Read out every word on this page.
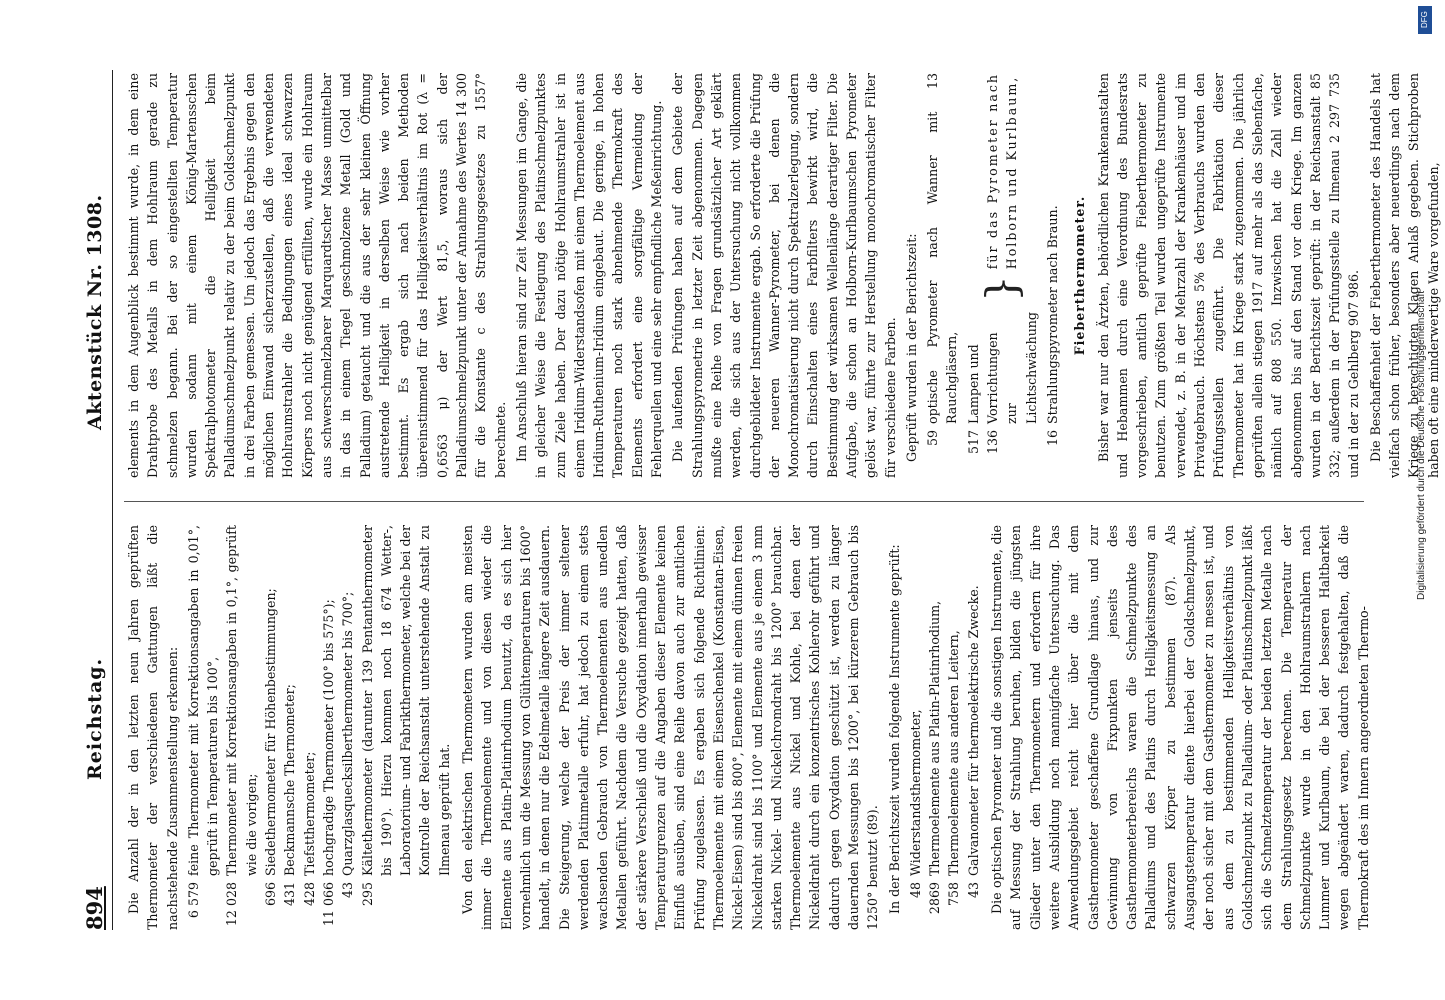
894
Reichstag.
Aktenstück Nr. 1308.

Die Anzahl der in den letzten neun Jahren geprüften Thermometer der verschiedenen Gattungen läßt die nachstehende Zusammenstellung erkennen: 6 579
feine Thermometer mit Korrektionsangaben in 0,01°, geprüft in Temperaturen bis 100°,
12 028
Thermometer mit Korrektionsangaben in 0,1°, geprüft wie die vorigen;
696
Siedethermometer für Höhenbestimmungen;
431
Beckmannsche Thermometer;
428
Tiefstthermometer;
11 066
hochgradige Thermometer (100° bis 575°);
43
Quarzglasquecksilberthermometer bis 700°;
295
Kältethermometer (darunter 139 Pentanthermometer bis 190°). Hierzu kommen noch 18 674 Wetter-, Laboratorium- und Fabrikthermometer, welche bei der Kontrolle der Reichsanstalt unterstehende Anstalt zu Ilmenau geprüft hat. Von den elektrischen Thermometern wurden am meisten immer die Thermoelemente und von diesen wieder die Elemente aus Platin-Platinrhodium benutzt, da es sich hier vornehmlich um die Messung von Glühtemperaturen bis 1600° handelt, in denen nur die Edelmetalle längere Zeit ausdauern. Die Steigerung, welche der Preis der immer seltener werdenden Platinmetalle erfuhr, hat jedoch zu einem stets wachsenden Gebrauch von Thermoelementen aus unedlen Metallen geführt. Nachdem die Versuche gezeigt hatten, daß der stärkere Verschleiß und die Oxydation innerhalb gewisser Temperaturgrenzen auf die Angaben dieser Elemente keinen Einfluß ausüben, sind eine Reihe davon auch zur amtlichen Prüfung zugelassen. Es ergaben sich folgende Richtlinien: Thermoelemente mit einem Eisenschenkel (Konstantan-Eisen, Nickel-Eisen) sind bis 800°, Elemente mit einem dünnen freien Nickeldraht sind bis 1100° und Elemente aus je einem 3 mm starken Nickel- und Nickelchromdraht bis 1200° brauchbar. Thermoelemente aus Nickel und Kohle, bei denen der Nickeldraht durch ein konzentrisches Kohlerohr geführt und dadurch gegen Oxydation geschützt ist, werden zu länger dauernden Messungen bis 1200°, bei kürzerem Gebrauch bis 1250° benutzt (89). In der Berichtszeit wurden folgende Instrumente geprüft: 48
Widerstandsthermometer,
2869
Thermoelemente aus Platin-Platinrhodium,
758
Thermoelemente aus anderen Leitern,
43
Galvanometer für thermoelektrische Zwecke. Die optischen Pyrometer und die sonstigen Instrumente, die auf Messung der Strahlung beruhen, bilden die jüngsten Glieder unter den Thermometern und erfordern für ihre weitere Ausbildung noch mannigfache Untersuchung. Das Anwendungsgebiet reicht hier über die mit dem Gasthermometer geschaffene Grundlage hinaus, und zur Gewinnung von Fixpunkten jenseits des Gasthermometerbereichs waren die Schmelzpunkte des Palladiums und des Platins durch Helligkeitsmessung an schwarzen Körper zu bestimmen (87). Als Ausgangstemperatur diente hierbei der Goldschmelzpunkt, der noch sicher mit dem Gasthermometer zu messen ist, und aus dem zu bestimmenden Helligkeitsverhältnis von Goldschmelzpunkt zu Palladium- oder Platinschmelzpunkt läßt sich die Schmelztemperatur der beiden letzten Metalle nach dem Strahlungsgesetz berechnen. Die Temperatur der Schmelzpunkte wurde in den Hohlraumstrahlern nach Lummer und Kurlbaum, die bei der besseren Haltbarkeit wegen abgeändert waren, dadurch festgehalten, daß die Thermokraft des im Innern angeordneten Thermo-

elements in dem Augenblick bestimmt wurde, in dem eine Drahtprobe des Metalls in dem Hohlraum gerade zu schmelzen begann. Bei der so eingestellten Temperatur wurden sodann mit einem König-Martensschen Spektralphotometer die Helligkeit beim Palladiumschmelzpunkt relativ zu der beim Goldschmelzpunkt in drei Farben gemessen. Um jedoch das Ergebnis gegen den möglichen Einwand sicherzustellen, daß die verwendeten Hohlraumstrahler die Bedingungen eines ideal schwarzen Körpers noch nicht genügend erfüllten, wurde ein Hohlraum aus schwerschmelzbarer Marquardtscher Masse unmittelbar in das in einem Tiegel geschmolzene Metall (Gold und Palladium) getaucht und die aus der sehr kleinen Öffnung austretende Helligkeit in derselben Weise wie vorher bestimmt. Es ergab sich nach beiden Methoden übereinstimmend für das Helligkeitsverhältnis im Rot (λ = 0,6563 μ) der Wert 81,5, woraus sich der Palladiumschmelzpunkt unter der Annahme des Wertes 14 300 für die Konstante c des Strahlungsgesetzes zu 1557° berechnete. Im Anschluß hieran sind zur Zeit Messungen im Gange, die in gleicher Weise die Festlegung des Platinschmelzpunktes zum Ziele haben. Der dazu nötige Hohlraumstrahler ist in einem Iridium-Widerstandsofen mit einem Thermoelement aus Iridium-Ruthenium-Iridium eingebaut. Die geringe, in hohen Temperaturen noch stark abnehmende Thermokraft des Elements erfordert eine sorgfältige Vermeidung der Fehlerquellen und eine sehr empfindliche Meßeinrichtung. Die laufenden Prüfungen haben auf dem Gebiete der Strahlungspyrometrie in letzter Zeit abgenommen. Dagegen mußte eine Reihe von Fragen grundsätzlicher Art geklärt werden, die sich aus der Untersuchung nicht vollkommen durchgebildeter Instrumente ergab. So erforderte die Prüfung der neueren Wanner-Pyrometer, bei denen die Monochromatisierung nicht durch Spektralzerlegung, sondern durch Einschalten eines Farbfilters bewirkt wird, die Bestimmung der wirksamen Wellenlänge derartiger Filter. Die Aufgabe, die schon an Holborn-Kurlbaumschen Pyrometer gelöst war, führte zur Herstellung monochromatischer Filter für verschiedene Farben. Geprüft wurden in der Berichtszeit: 59
optische Pyrometer nach Wanner mit 13 Rauchgläsern,
517
Lampen und
136
Vorrichtungen zur Lichtschwächung
}
für das Pyrometer nach Holborn und Kurlbaum,
16
Strahlungspyrometer nach Braun. Fieberthermometer. Bisher war nur den Ärzten, behördlichen Krankenanstalten und Hebammen durch eine Verordnung des Bundesrats vorgeschrieben, amtlich geprüfte Fieberthermometer zu benutzen. Zum größten Teil wurden ungeprüfte Instrumente verwendet, z. B. in der Mehrzahl der Krankenhäuser und im Privatgebrauch. Höchstens 5% des Verbrauchs wurden den Prüfungsstellen zugeführt. Die Fabrikation dieser Thermometer hat im Kriege stark zugenommen. Die jährlich geprüften allein stiegen 1917 auf mehr als das Siebenfache, nämlich auf 808 550. Inzwischen hat die Zahl wieder abgenommen bis auf den Stand vor dem Kriege. Im ganzen wurden in der Berichtszeit geprüft: in der Reichsanstalt 85 332; außerdem in der Prüfungsstelle zu Ilmenau 2 297 735 und in der zu Gehlberg 907 986. Die Beschaffenheit der Fieberthermometer des Handels hat vielfach schon früher, besonders aber neuerdings nach dem Kriege zu berechtigten Klagen Anlaß gegeben. Stichproben haben oft eine minderwertige Ware vorgefunden,

DFG
Digitalisierung gefördert durch die Deutsche Forschungsgemeinschaft
